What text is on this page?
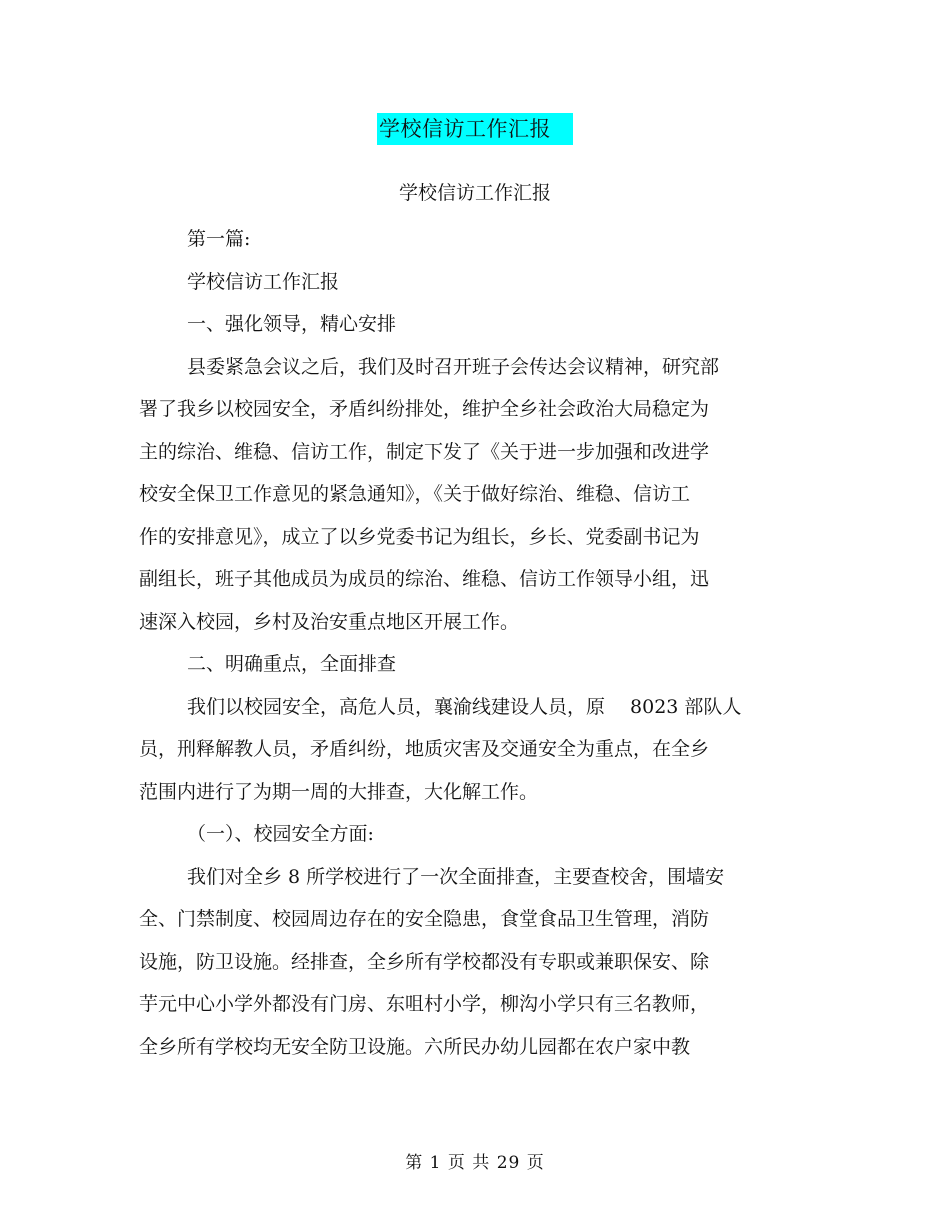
学校信访工作汇报
学校信访工作汇报

第一篇:

学校信访工作汇报

一、强化领导，精心安排

县委紧急会议之后，我们及时召开班子会传达会议精神，研究部
署了我乡以校园安全，矛盾纠纷排处，维护全乡社会政治大局稳定为
主的综治、维稳、信访工作，制定下发了《关于进一步加强和改进学
校安全保卫工作意见的紧急通知》，《关于做好综治、维稳、信访工
作的安排意见》，成立了以乡党委书记为组长，乡长、党委副书记为
副组长，班子其他成员为成员的综治、维稳、信访工作领导小组，迅
速深入校园，乡村及治安重点地区开展工作。

二、明确重点，全面排查

我们以校园安全，高危人员，襄渝线建设人员，原　 8023 部队人
员，刑释解教人员，矛盾纠纷，地质灾害及交通安全为重点，在全乡
范围内进行了为期一周的大排查，大化解工作。

（一）、校园安全方面:

我们对全乡 8 所学校进行了一次全面排查，主要查校舍，围墙安
全、门禁制度、校园周边存在的安全隐患，食堂食品卫生管理，消防
设施，防卫设施。经排查，全乡所有学校都没有专职或兼职保安、除
芋元中心小学外都没有门房、东咀村小学，柳沟小学只有三名教师，
全乡所有学校均无安全防卫设施。六所民办幼儿园都在农户家中教

第 1 页 共 29 页
